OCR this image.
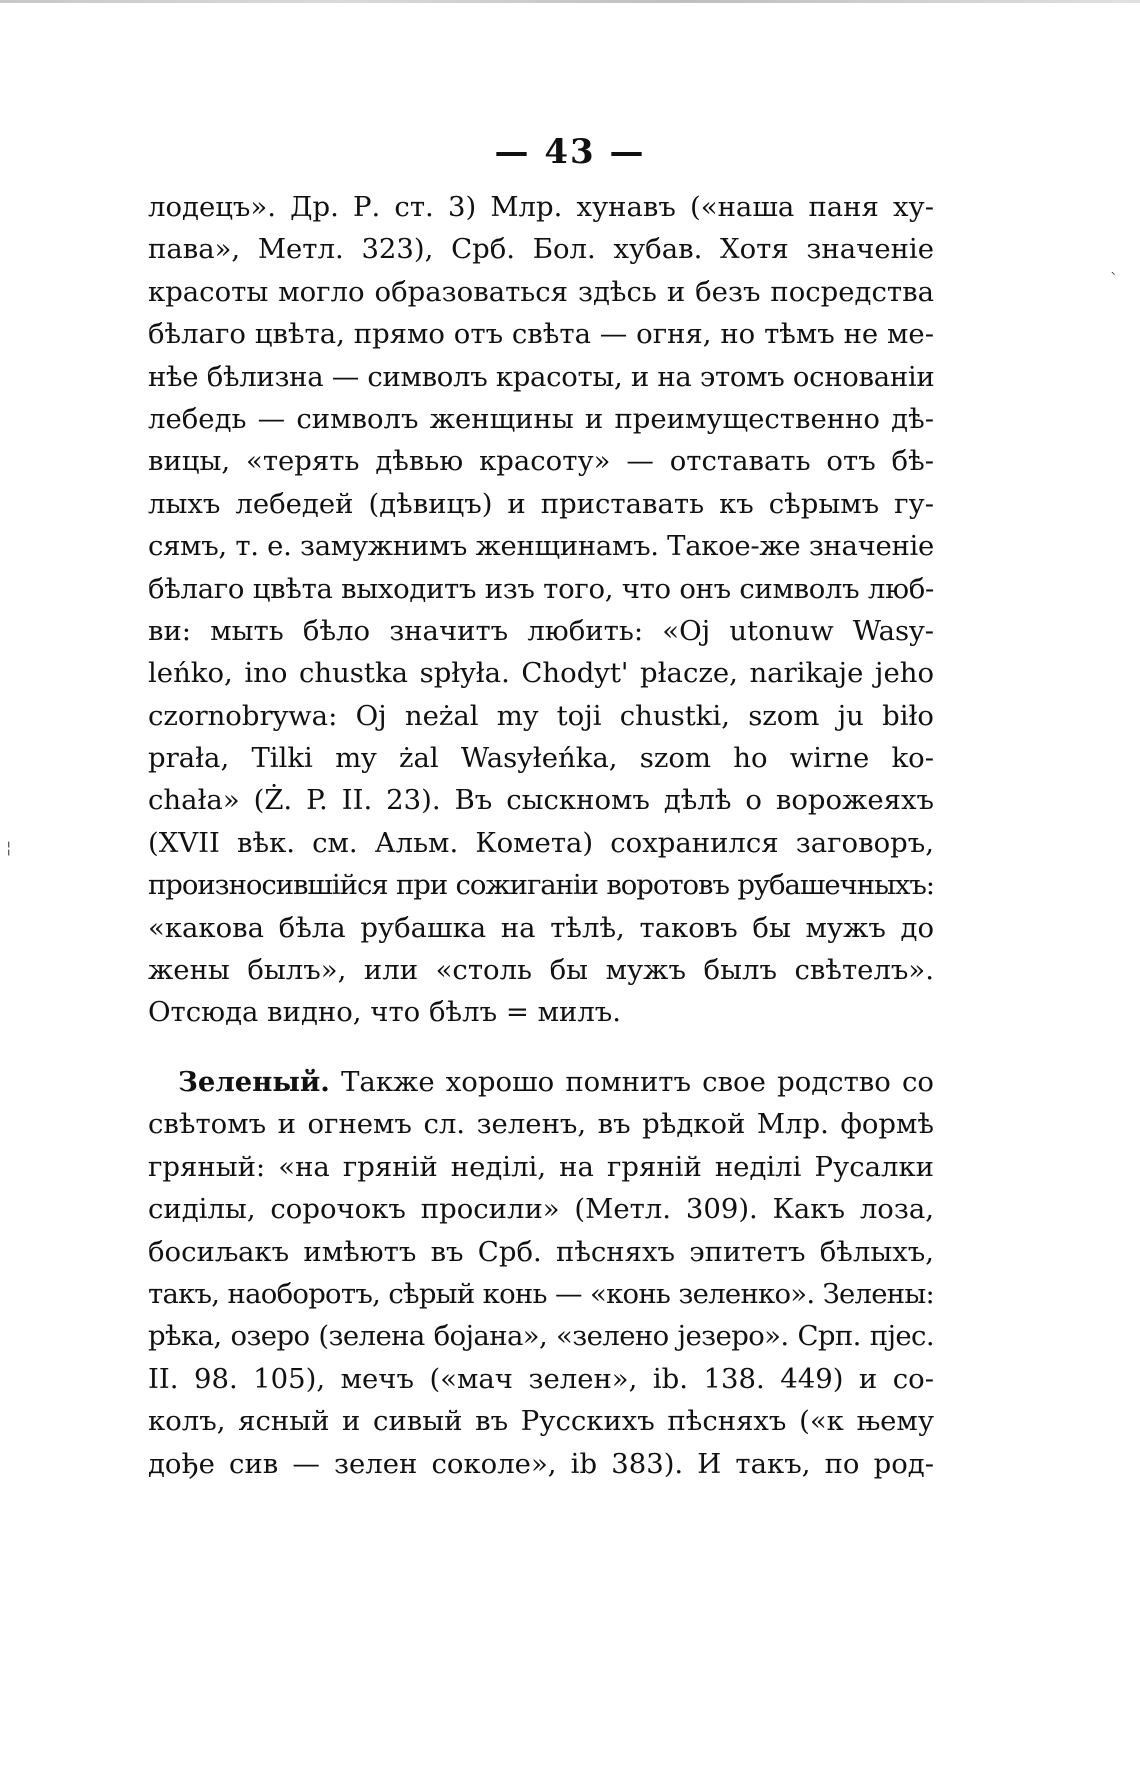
— 43 —
`
¦
лодецъ». Др. Р. ст. 3) Млр. хунавъ («наша паня ху-
пава», Метл. 323), Срб. Бол. хубав. Хотя значеніе
красоты могло образоваться здѣсь и безъ посредства
бѣлаго цвѣта, прямо отъ свѣта — огня, но тѣмъ не ме-
нѣе бѣлизна — символъ красоты, и на этомъ основаніи
лебедь — символъ женщины и преимущественно дѣ-
вицы, «терять дѣвью красоту» — отставать отъ бѣ-
лыхъ лебедей (дѣвицъ) и приставать къ сѣрымъ гу-
сямъ, т. е. замужнимъ женщинамъ. Такое-же значеніе
бѣлаго цвѣта выходитъ изъ того, что онъ символъ люб-
ви: мыть бѣло значитъ любить: «Oj utonuw Wasy-
leńko, ino chustka spłyła. Chodyt' płacze, narikaje jeho
czornobrywa: Oj neżal my toji chustki, szom ju biło
prała, Tilki my żal Wasyłeńka, szom ho wirne ko-
chała» (Ż. P. II. 23). Въ сыскномъ дѣлѣ о ворожеяхъ
(XVII вѣк. см. Альм. Комета) сохранился заговоръ,
произносившійся при сожиганіи воротовъ рубашечныхъ:
«какова бѣла рубашка на тѣлѣ, таковъ бы мужъ до
жены былъ», или «столь бы мужъ былъ свѣтелъ».
Отсюда видно, что бѣлъ = милъ.
Зеленый. Также хорошо помнитъ свое родство со
свѣтомъ и огнемъ сл. зеленъ, въ рѣдкой Млр. формѣ
гряный: «на гряній неділі, на гряній неділі Русалки
сиділы, сорочокъ просили» (Метл. 309). Какъ лоза,
босиљакъ имѣютъ въ Срб. пѣсняхъ эпитетъ бѣлыхъ,
такъ, наоборотъ, сѣрый конь — «конь зеленко». Зелены:
рѣка, озеро (зелена бојана», «зелено језеро». Срп. пјес.
II. 98. 105), мечъ («мач зелен», ib. 138. 449) и со-
колъ, ясный и сивый въ Русскихъ пѣсняхъ («к њему
дође сив — зелен соколе», ib 383). И такъ, по род-
